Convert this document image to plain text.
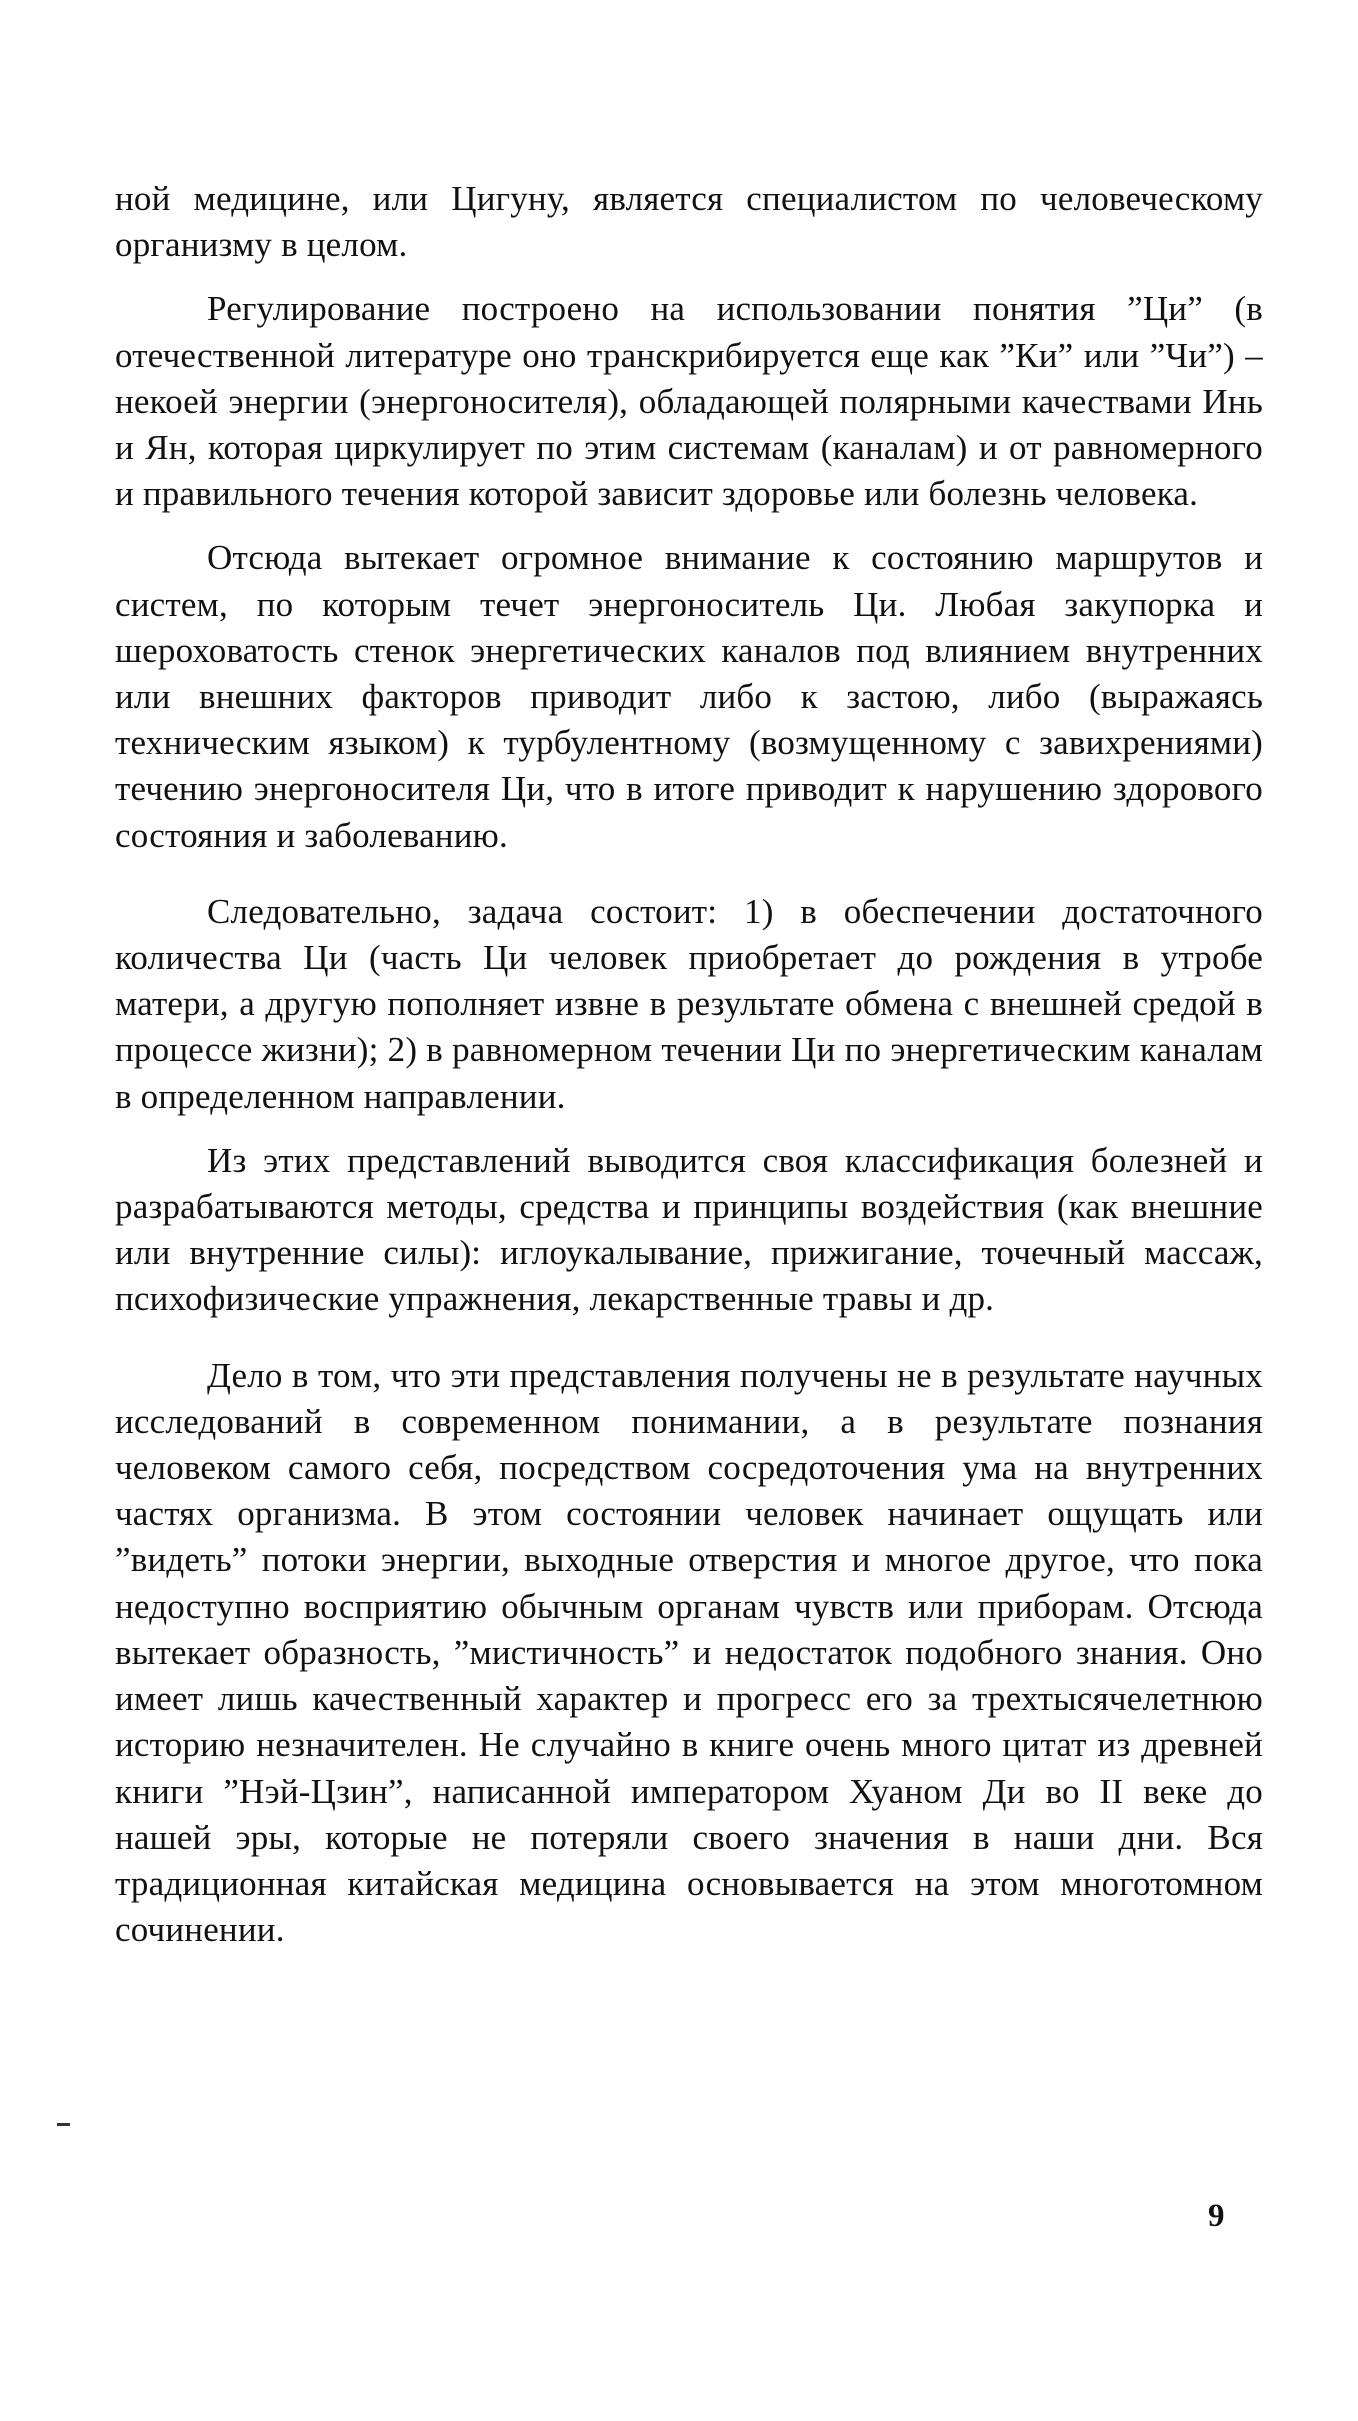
ной медицине, или Цигуну, является специалистом по человеческому организму в целом.

Регулирование построено на использовании понятия ”Ци” (в отечественной литературе оно транскрибируется еще как ”Ки” или ”Чи”) – некоей энергии (энергоносителя), обладающей полярными качествами Инь и Ян, которая циркулирует по этим системам (каналам) и от равномерного и правильного течения которой зависит здоровье или болезнь человека.

Отсюда вытекает огромное внимание к состоянию маршрутов и систем, по которым течет энергоноситель Ци. Любая закупорка и шероховатость стенок энергетических каналов под влиянием внутренних или внешних факторов приводит либо к застою, либо (выражаясь техническим языком) к турбулентному (возмущенному с завихрениями) течению энергоносителя Ци, что в итоге приводит к нарушению здорового состояния и заболеванию.

Следовательно, задача состоит: 1) в обеспечении достаточного количества Ци (часть Ци человек приобретает до рождения в утробе матери, а другую пополняет извне в результате обмена с внешней средой в процессе жизни); 2) в равномерном течении Ци по энергетическим каналам в определенном направлении.

Из этих представлений выводится своя классификация болезней и разрабатываются методы, средства и принципы воздействия (как внешние или внутренние силы): иглоукалывание, прижигание, точечный массаж, психофизические упражнения, лекарственные травы и др.

Дело в том, что эти представления получены не в результате научных исследований в современном понимании, а в результате познания человеком самого себя, посредством сосредоточения ума на внутренних частях организма. В этом состоянии человек начинает ощущать или ”видеть” потоки энергии, выходные отверстия и многое другое, что пока недоступно восприятию обычным органам чувств или приборам. Отсюда вытекает образность, ”мистичность” и недостаток подобного знания. Оно имеет лишь качественный характер и прогресс его за трехтысячелетнюю историю незначителен. Не случайно в книге очень много цитат из древней книги ”Нэй-Цзин”, написанной императором Хуаном Ди во II веке до нашей эры, которые не потеряли своего значения в наши дни. Вся традиционная китайская медицина основывается на этом многотомном сочинении.

9
